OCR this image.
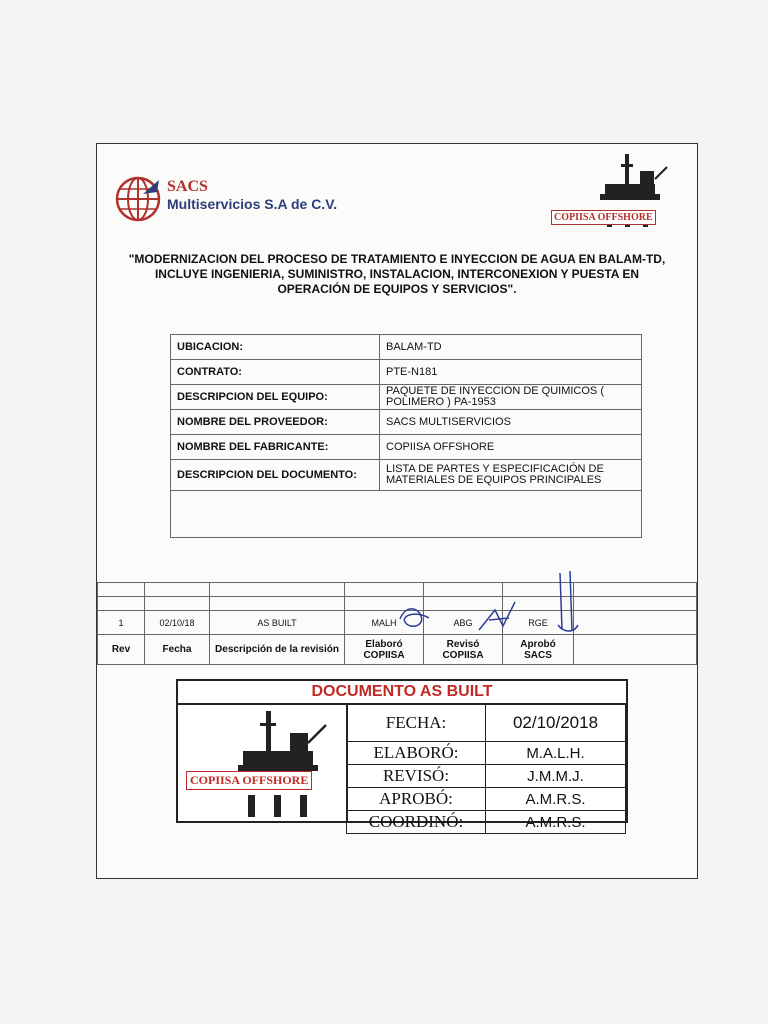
SACS
Multiservicios S.A de C.V.
COPIISA OFFSHORE
"MODERNIZACION DEL PROCESO DE TRATAMIENTO E INYECCION DE AGUA EN BALAM-TD,
INCLUYE INGENIERIA, SUMINISTRO, INSTALACION, INTERCONEXION Y PUESTA EN
OPERACIÓN DE EQUIPOS Y SERVICIOS".
UBICACION:	BALAM-TD
CONTRATO:	PTE-N181
DESCRIPCION DEL EQUIPO:	PAQUETE DE INYECCION DE QUIMICOS ( POLIMERO ) PA-1953
NOMBRE DEL PROVEEDOR:	SACS MULTISERVICIOS
NOMBRE DEL FABRICANTE:	COPIISA OFFSHORE
DESCRIPCION DEL DOCUMENTO:	LISTA DE PARTES Y ESPECIFICACIÓN DE MATERIALES DE EQUIPOS PRINCIPALES

1	02/10/18	AS BUILT	MALH	ABG	RGE	
Rev	Fecha	Descripción de la revisión	Elaboró COPIISA	Revisó COPIISA	Aprobó SACS	
DOCUMENTO AS BUILT
COPIISA OFFSHORE
FECHA:	02/10/2018
ELABORÓ:	M.A.L.H.
REVISÓ:	J.M.M.J.
APROBÓ:	A.M.R.S.
COORDINÓ:	A.M.R.S.
